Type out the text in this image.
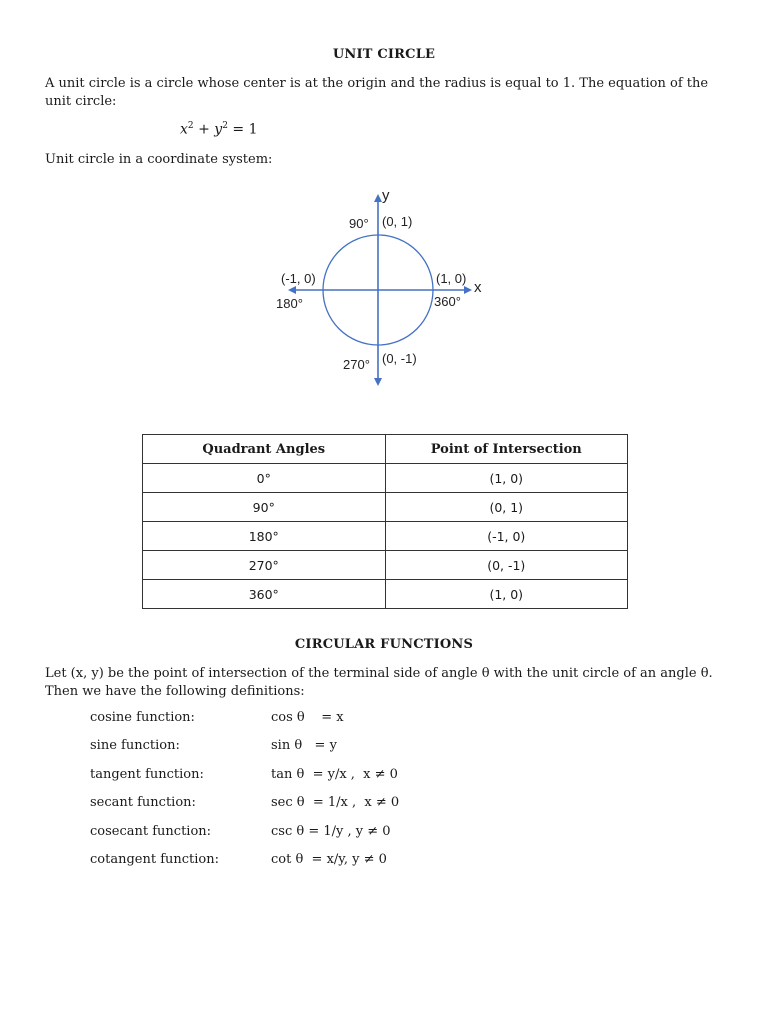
UNIT CIRCLE
A unit circle is a circle whose center is at the origin and the radius is equal to 1. The equation of the unit circle:
$x^2 + y^2 = 1$
Unit circle in a coordinate system:
y
x
90° (0, 1)
(-1, 0)
180°
(1, 0)
360°
270° (0, -1)
Quadrant Angles	Point of Intersection
0°	(1, 0)
90°	(0, 1)
180°	(-1, 0)
270°	(0, -1)
360°	(1, 0)
CIRCULAR FUNCTIONS
Let (x, y) be the point of intersection of the terminal side of angle θ with the unit circle of an angle θ. Then we have the following definitions:
cosine function:	cos θ    = x
sine function:	sin θ   = y
tangent function:	tan θ  = y/x ,  x ≠ 0
secant function:	sec θ  = 1/x ,  x ≠ 0
cosecant function:	csc θ = 1/y , y ≠ 0
cotangent function:	cot θ  = x/y, y ≠ 0
